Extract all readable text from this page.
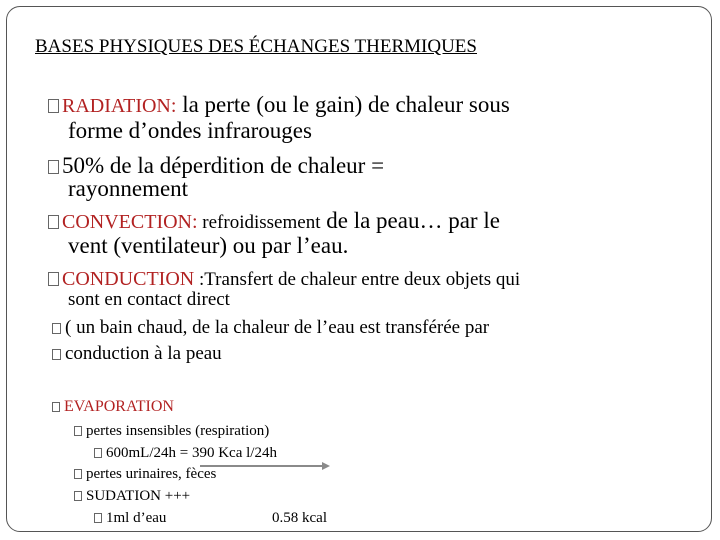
BASES PHYSIQUES DES ÉCHANGES THERMIQUES
RADIATION: la perte (ou le gain) de chaleur sous
forme d’ondes infrarouges
50% de la déperdition de chaleur =
rayonnement
CONVECTION: refroidissement de la peau… par le
vent (ventilateur) ou par l’eau.
CONDUCTION :Transfert de chaleur entre deux objets qui
sont en contact direct
( un bain chaud, de la chaleur de l’eau est transférée par
conduction à la peau
EVAPORATION
pertes insensibles (respiration)
600mL/24h = 390 Kca l/24h
pertes urinaires, fèces
SUDATION +++
1ml d’eau	0.58 kcal
